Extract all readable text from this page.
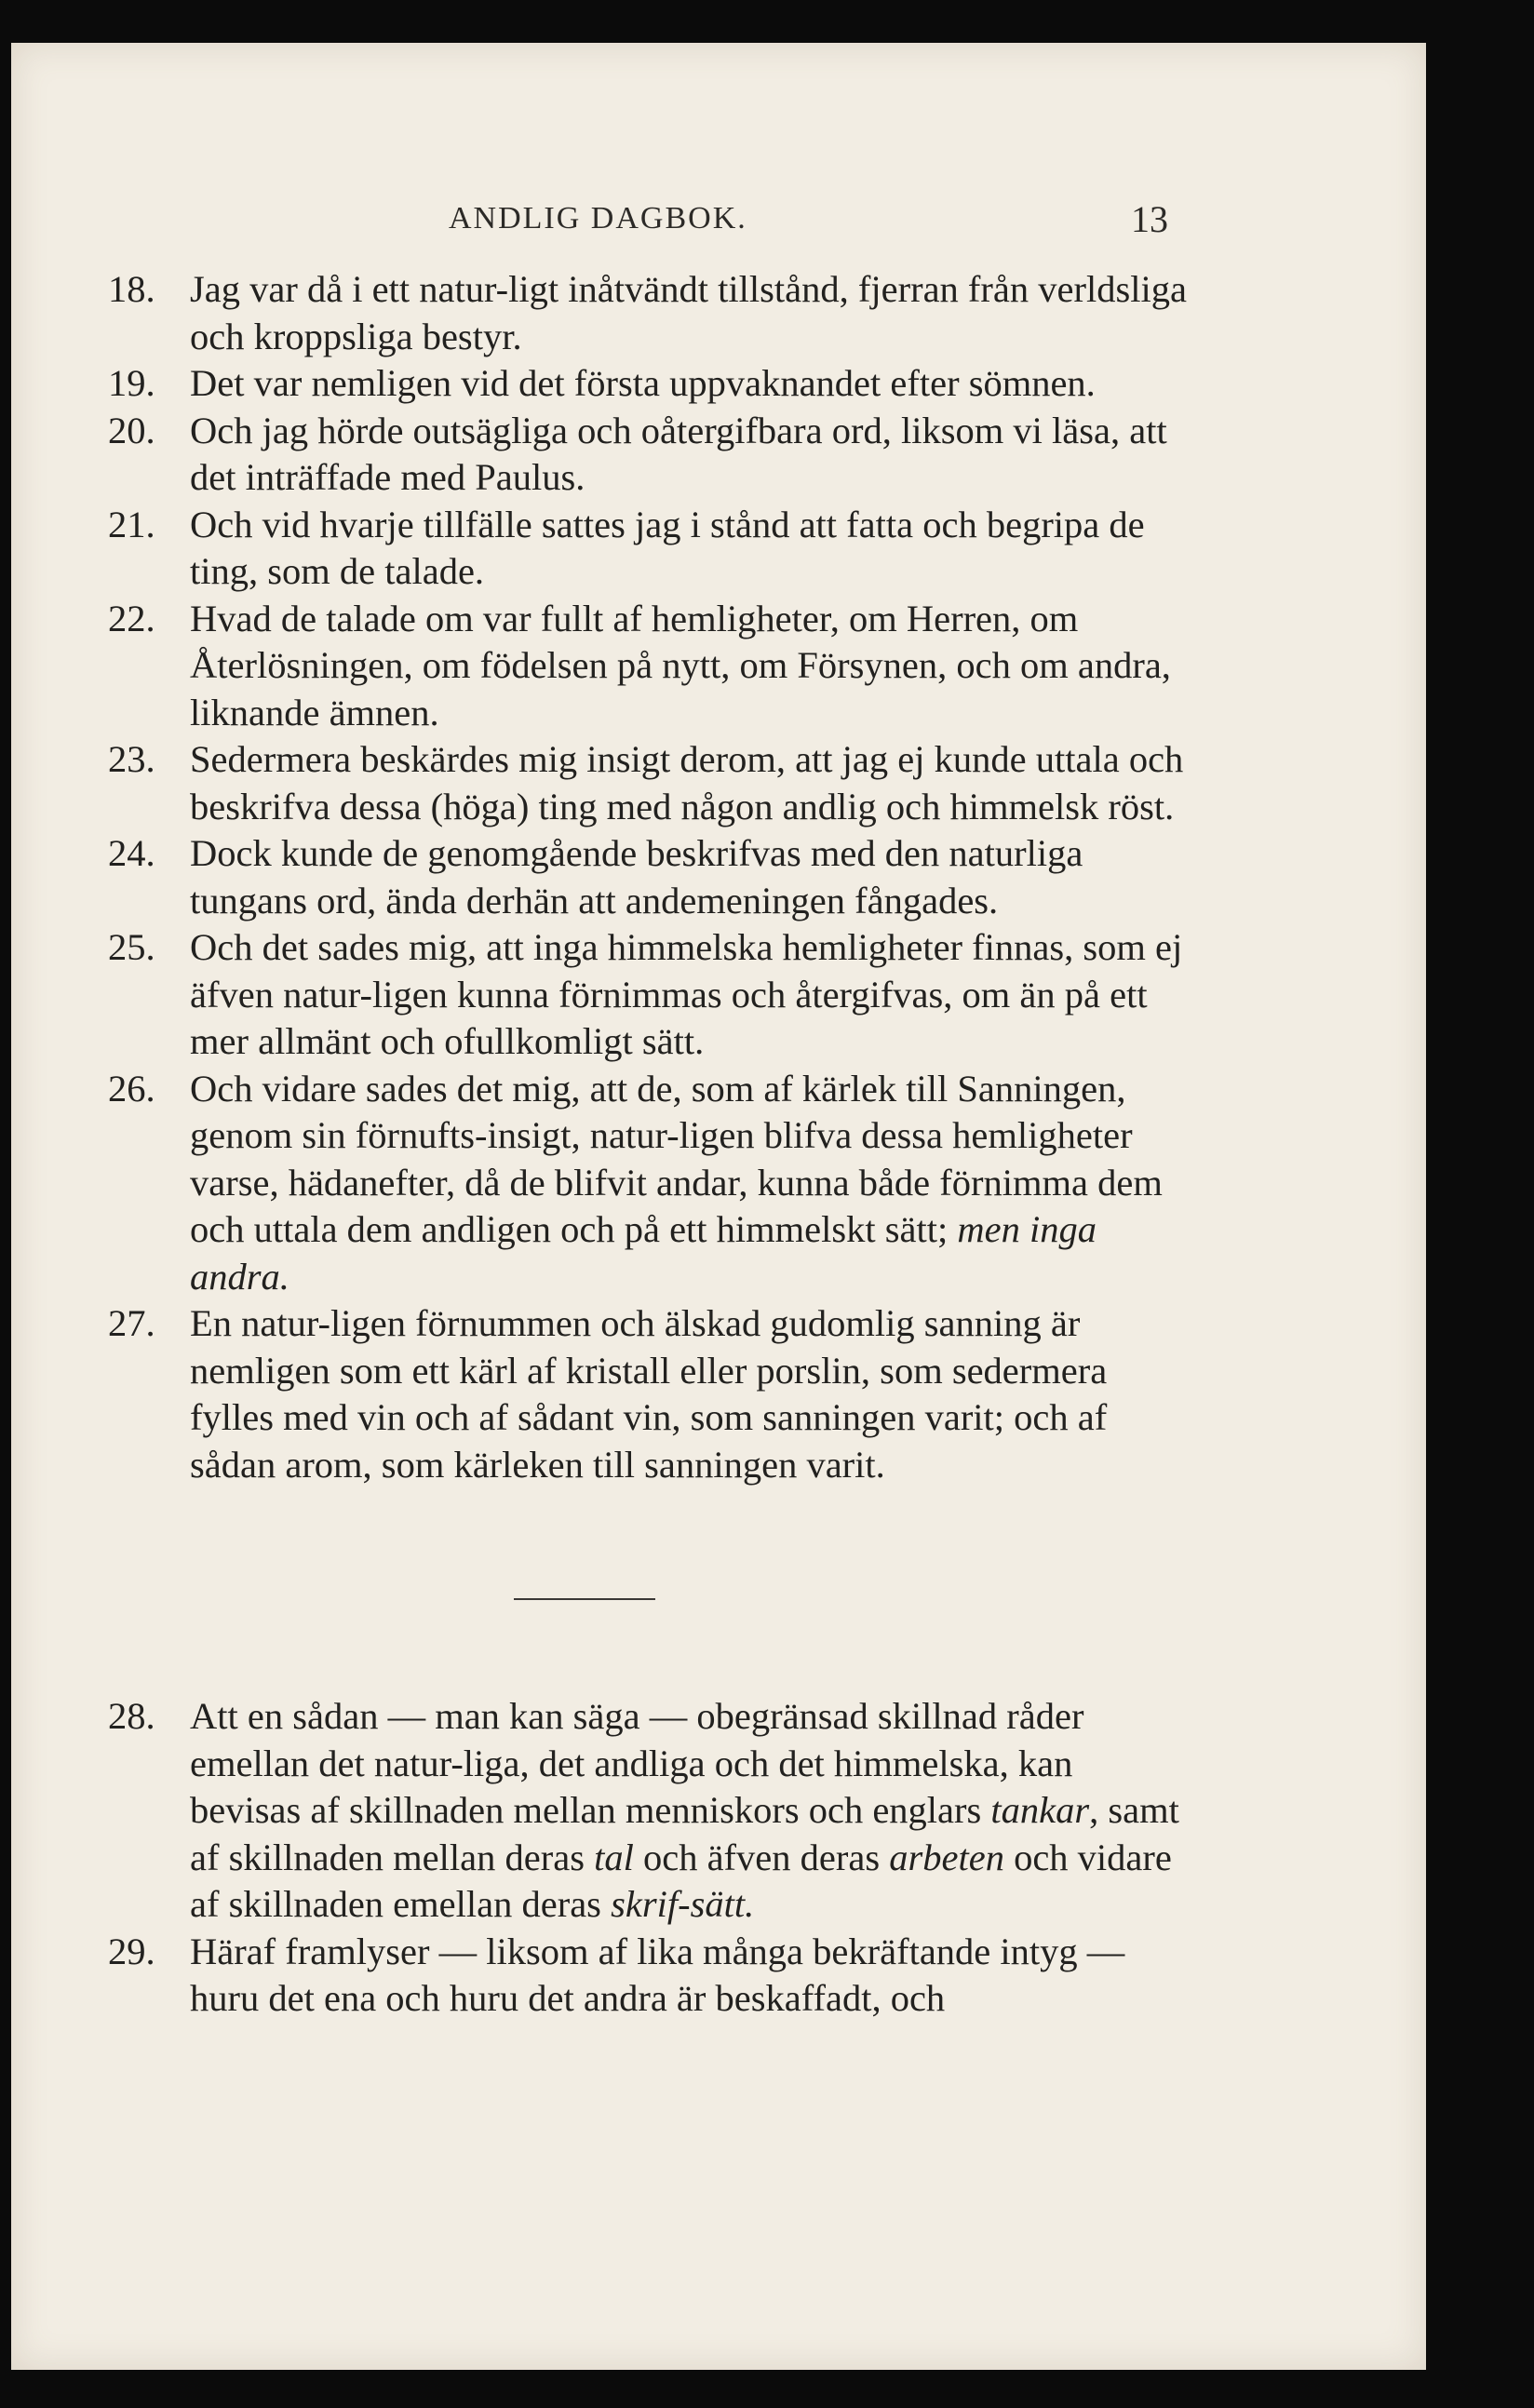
ANDLIG DAGBOK.	13
18. Jag var då i ett natur-ligt inåtvändt tillstånd, fjerran från verldsliga och kroppsliga bestyr.
19. Det var nemligen vid det första uppvaknandet efter sömnen.
20. Och jag hörde outsägliga och oåtergifbara ord, liksom vi läsa, att det inträffade med Paulus.
21. Och vid hvarje tillfälle sattes jag i stånd att fatta och begripa de ting, som de talade.
22. Hvad de talade om var fullt af hemligheter, om Herren, om Återlösningen, om födelsen på nytt, om Försynen, och om andra, liknande ämnen.
23. Sedermera beskärdes mig insigt derom, att jag ej kunde uttala och beskrifva dessa (höga) ting med någon andlig och himmelsk röst.
24. Dock kunde de genomgående beskrifvas med den naturliga tungans ord, ända derhän att andemeningen fångades.
25. Och det sades mig, att inga himmelska hemligheter finnas, som ej äfven natur-ligen kunna förnimmas och återgifvas, om än på ett mer allmänt och ofullkomligt sätt.
26. Och vidare sades det mig, att de, som af kärlek till Sanningen, genom sin förnufts-insigt, natur-ligen blifva dessa hemligheter varse, hädanefter, då de blifvit andar, kunna både förnimma dem och uttala dem andligen och på ett himmelskt sätt; men inga andra.
27. En natur-ligen förnummen och älskad gudomlig sanning är nemligen som ett kärl af kristall eller porslin, som sedermera fylles med vin och af sådant vin, som sanningen varit; och af sådan arom, som kärleken till sanningen varit.
28. Att en sådan — man kan säga — obegränsad skillnad råder emellan det natur-liga, det andliga och det himmelska, kan bevisas af skillnaden mellan menniskors och englars tankar, samt af skillnaden mellan deras tal och äfven deras arbeten och vidare af skillnaden emellan deras skrif-sätt.
29. Häraf framlyser — liksom af lika många bekräftande intyg — huru det ena och huru det andra är beskaffadt, och
